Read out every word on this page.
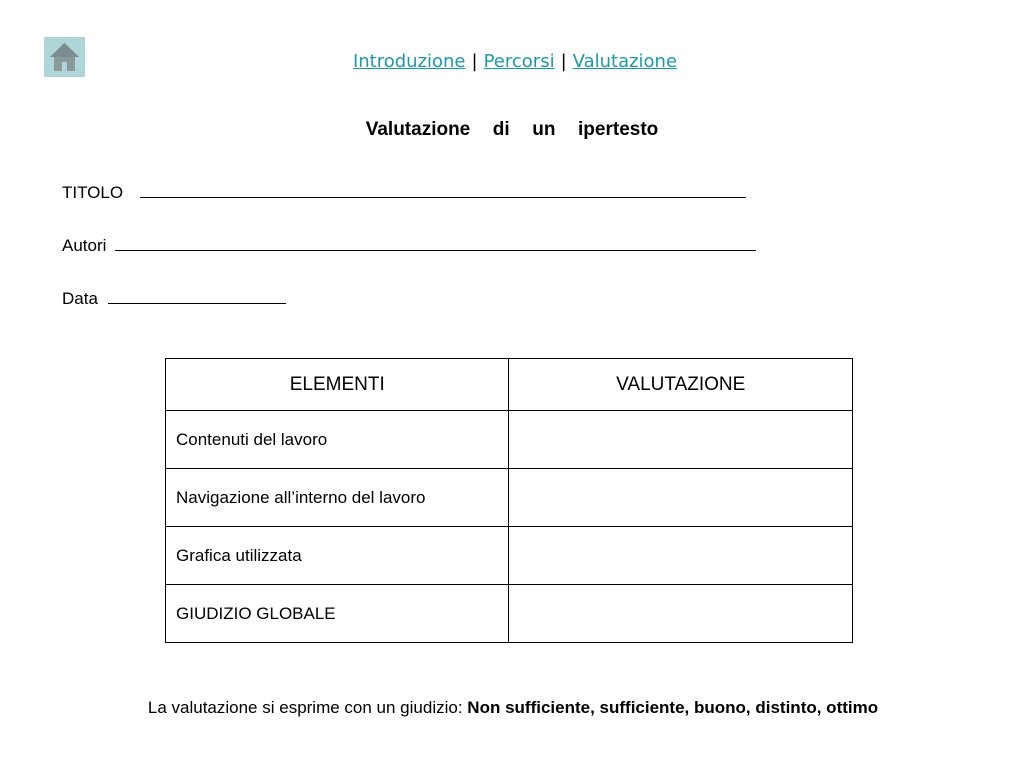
Introduzione | Percorsi | Valutazione
Valutazione  di  un  ipertesto
TITOLO
Autori
Data
ELEMENTI	VALUTAZIONE
Contenuti del lavoro	
Navigazione all’interno del lavoro	
Grafica utilizzata	
GIUDIZIO GLOBALE	
La valutazione si esprime con un giudizio: Non sufficiente, sufficiente, buono, distinto, ottimo
